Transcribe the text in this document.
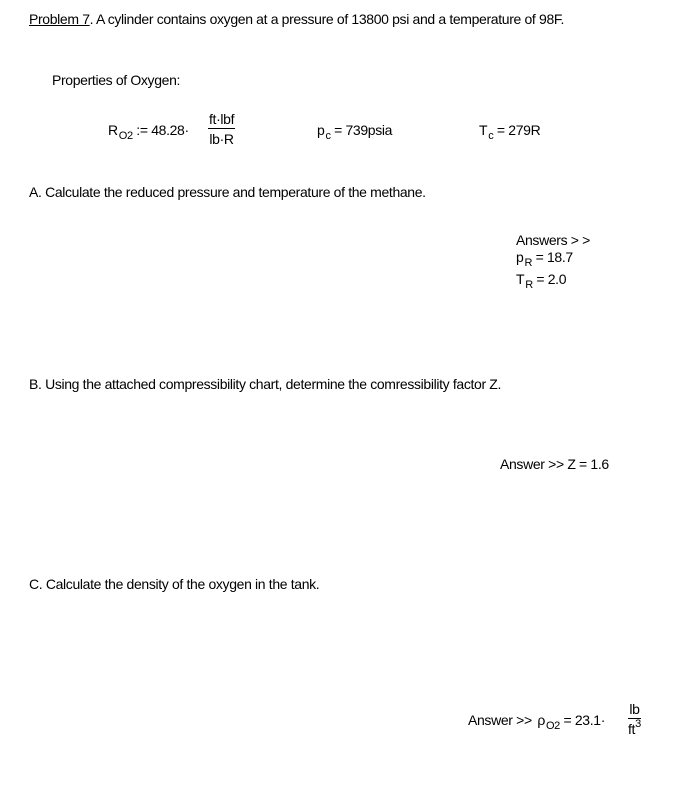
Problem 7. A cylinder contains oxygen at a pressure of 13800 psi and a temperature of 98F.
Properties of Oxygen:
$R_{O2}$ := 48.28·
ft·lbf
lb·R
$p_c$ = 739psia	$T_c = 279R$
A. Calculate the reduced pressure and temperature of the methane.
Answers > >
$p_R = 18.7$
$T_R = 2.0$
B. Using the attached compressibility chart, determine the comressibility factor Z.
Answer >> Z = 1.6
C. Calculate the density of the oxygen in the tank.
Answer >> $\rho_{O2} = 23.1\cdot$
lb
$ft^3$
